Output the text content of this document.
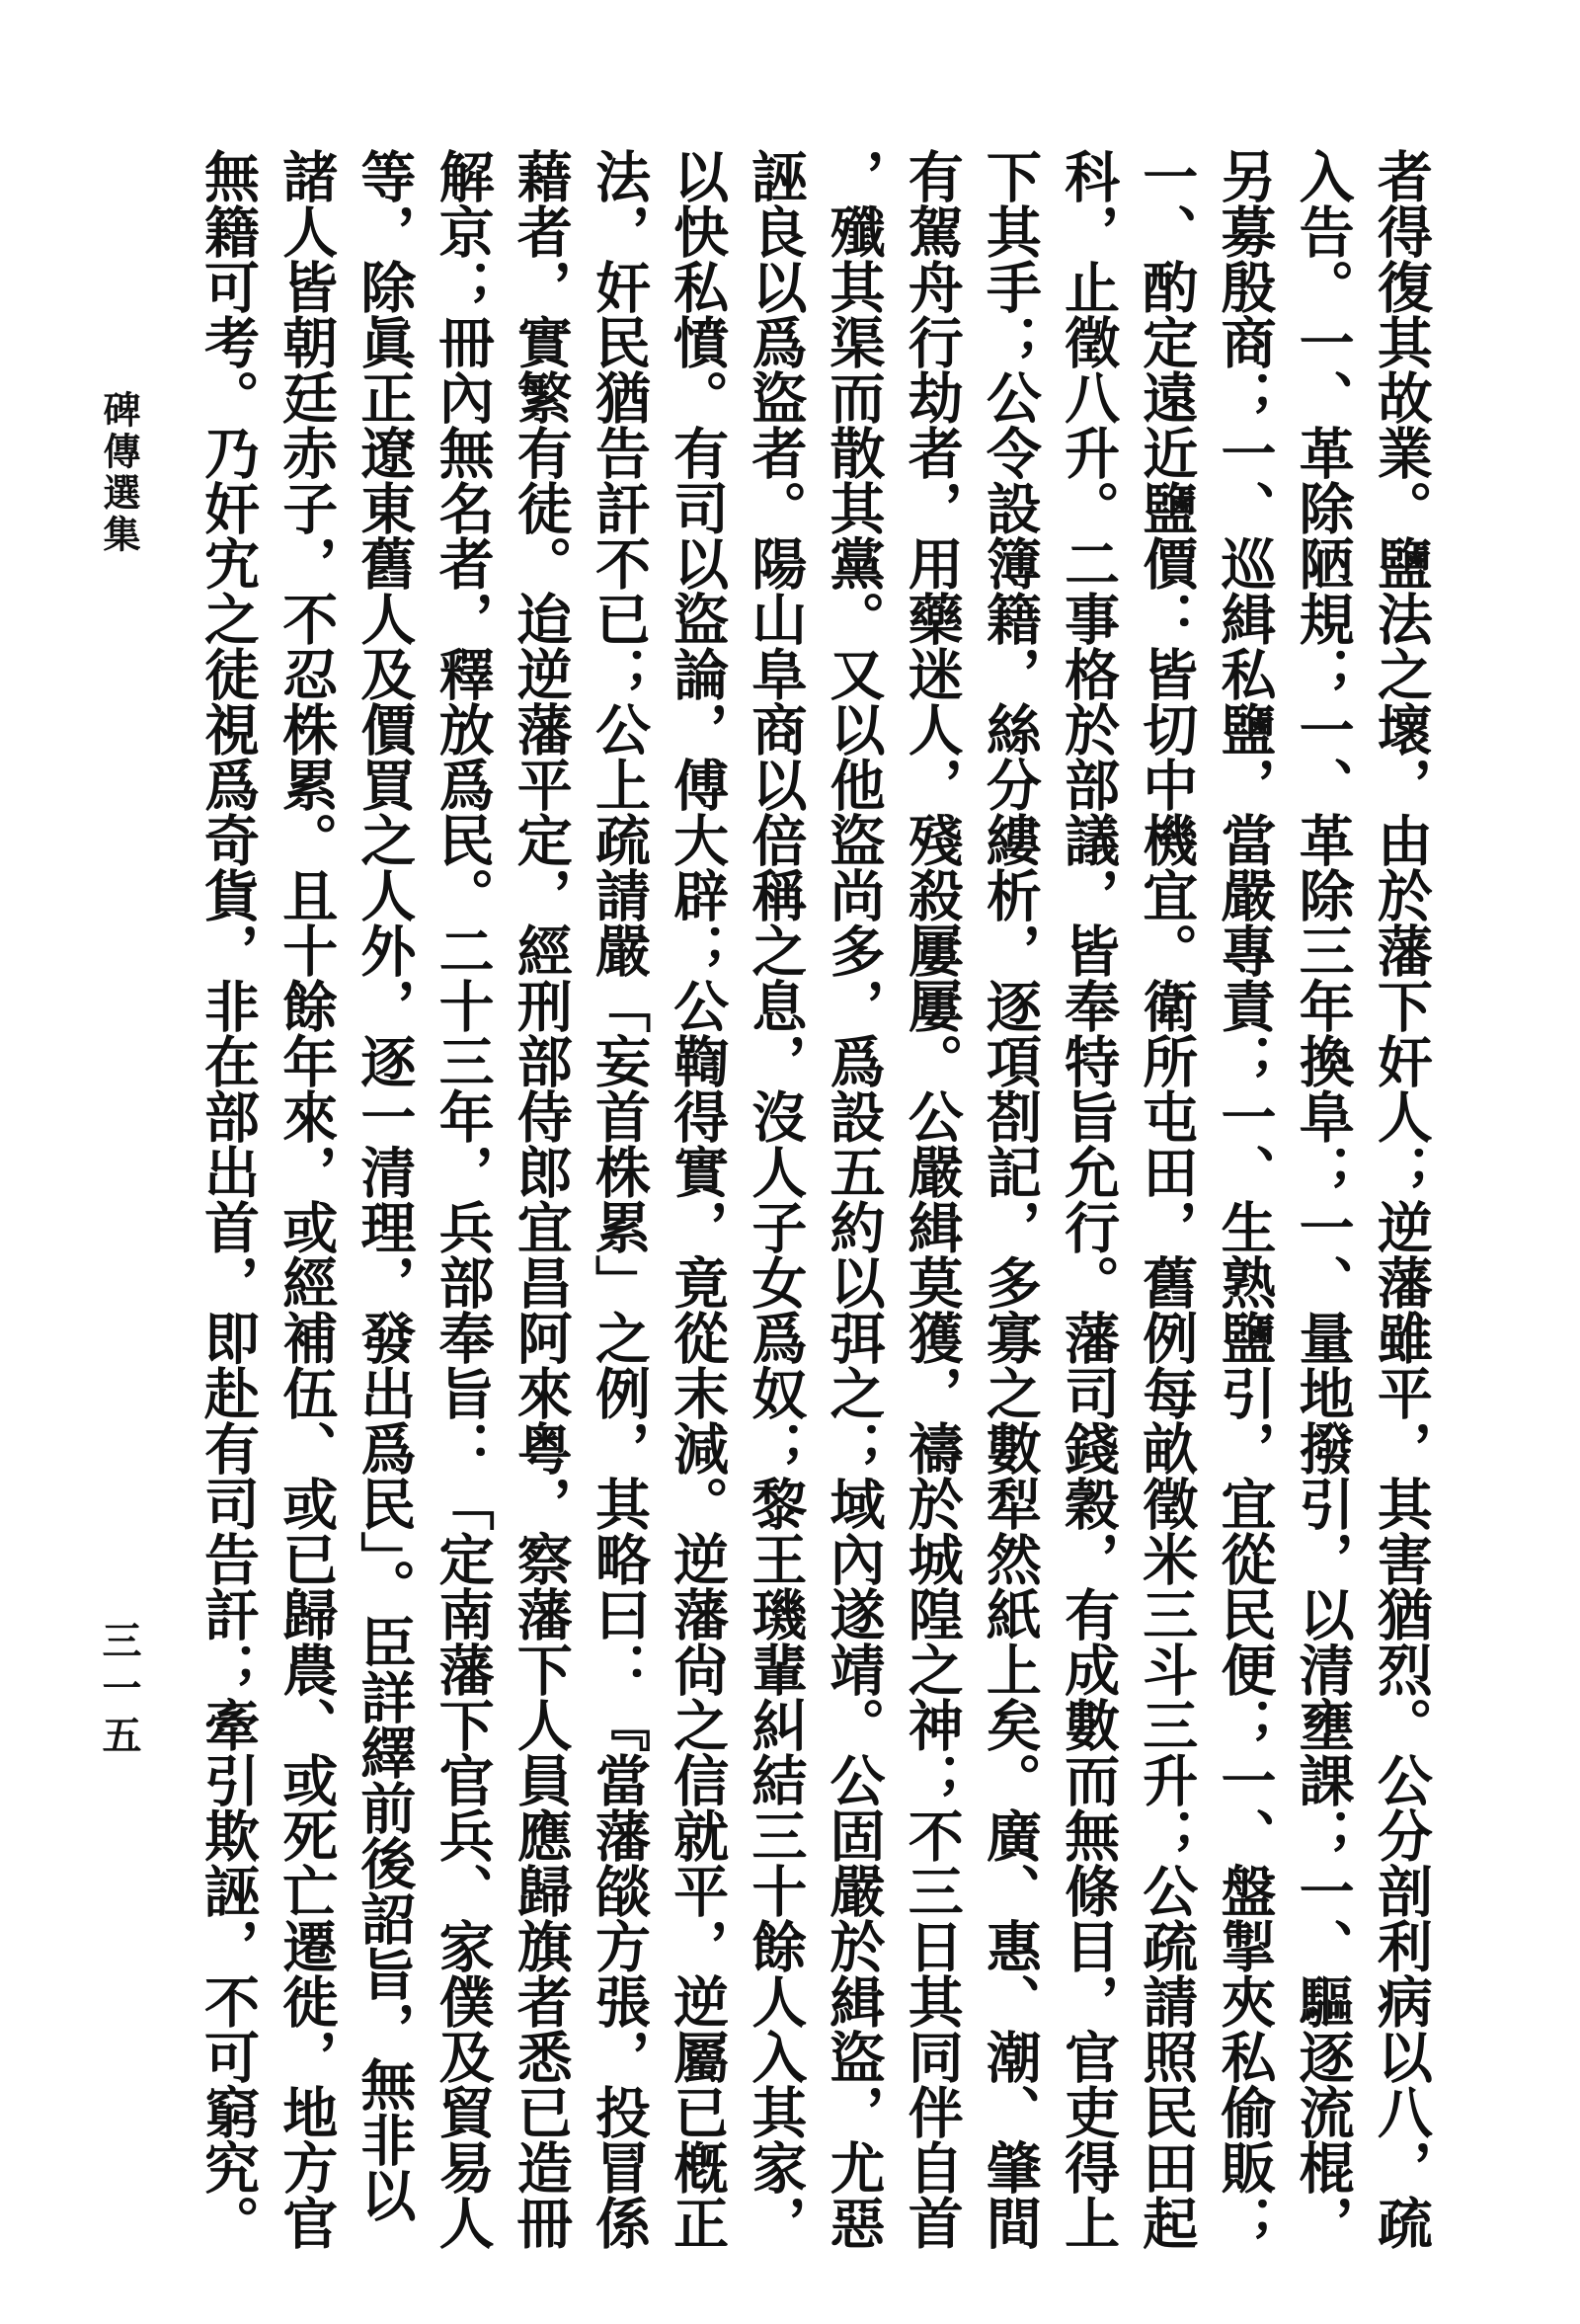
碑傳選集
三一五	者得復其故業。鹽法之壞，由於藩下奸人；逆藩雖平，其害猶烈。公分剖利病以八，疏
入告。一、革除陋規；一、革除三年換阜；一、量地撥引，以清壅課；一、驅逐流棍，
另募殷商；一、巡緝私鹽，當嚴專責；一、生熟鹽引，宜從民便；一、盤掣夾私偷販；
一、酌定遠近鹽價：皆切中機宜。衛所屯田，舊例每畝徵米三斗三升；公疏請照民田起
科，止徵八升。二事格於部議，皆奉特旨允行。藩司錢穀，有成數而無條目，官吏得上
下其手；公令設簿籍，絲分縷析，逐項剳記，多寡之數犁然紙上矣。廣、惠、潮、肇間
有駕舟行劫者，用藥迷人，殘殺屢屢。公嚴緝莫獲，禱於城隍之神；不三日其同伴自首
，殲其渠而散其黨。又以他盜尚多，爲設五約以弭之；域內遂靖。公固嚴於緝盜，尤惡
誣良以爲盜者。陽山阜商以倍稱之息，沒人子女爲奴；黎王璣輩糾結三十餘人入其家，
以快私憤。有司以盜論，傅大辟；公鞫得實，竟從末減。逆藩尙之信就平，逆屬已槪正
法，奸民猶告訐不已；公上疏請嚴「妄首株累」之例，其略曰：『當藩燄方張，投冒係
藉者，實繁有徒。迨逆藩平定，經刑部侍郎宜昌阿來粤，察藩下人員應歸旗者悉已造冊
解京；冊內無名者，釋放爲民。二十三年，兵部奉旨：「定南藩下官兵、家僕及貿易人
等，除眞正遼東舊人及價買之人外，逐一清理，發出爲民」。臣詳繹前後詔旨，無非以
諸人皆朝廷赤子，不忍株累。且十餘年來，或經補伍、或已歸農、或死亡遷徙，地方官
無籍可考。乃奸宄之徒視爲奇貨，非在部出首，即赴有司告訐；牽引欺誣，不可窮究。
